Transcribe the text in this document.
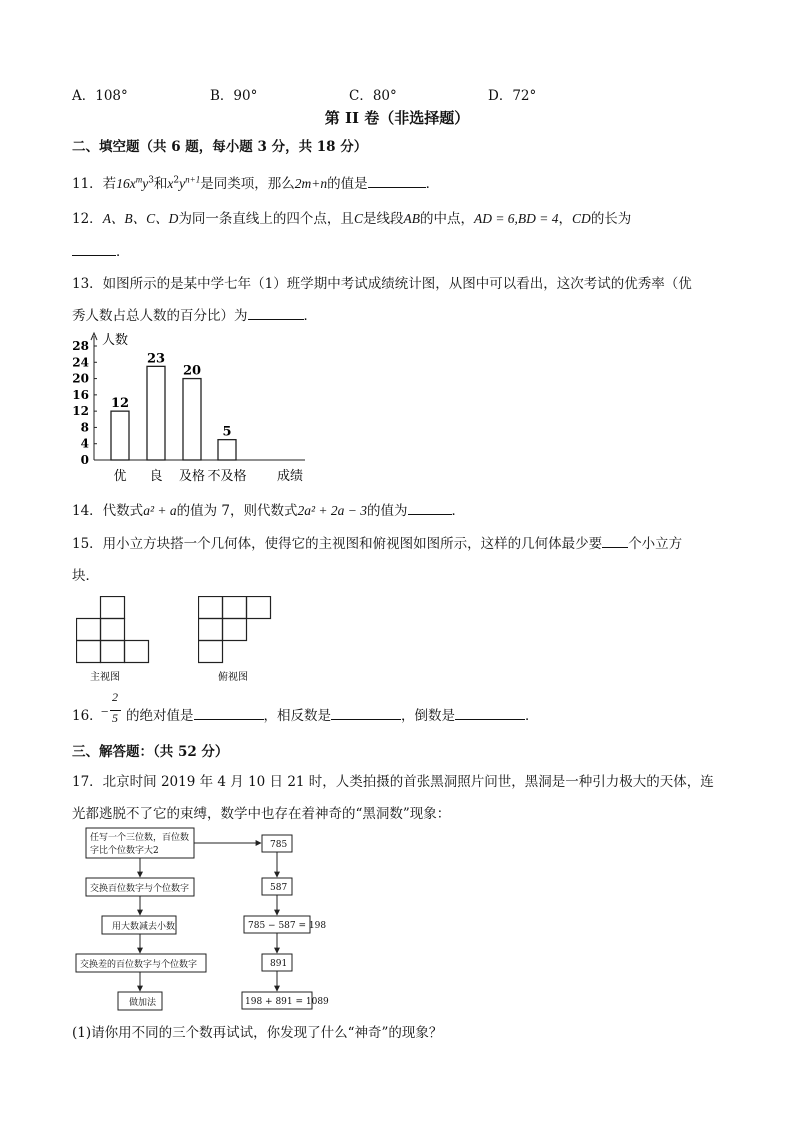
A．108°	B．90°	C．80°	D．72°
第 II 卷（非选择题）
二、填空题（共 6 题，每小题 3 分，共 18 分）
11．若$16x^my^3$和$x^2y^{n+1}$是同类项，那么2m+n的值是	．
12．A、B、C、D为同一条直线上的四个点，且C是线段AB的中点，AD = 6,BD = 4，CD的长为
．
13．如图所示的是某中学七年（1）班学期中考试成绩统计图，从图中可以看出，这次考试的优秀率（优
秀人数占总人数的百分比）为	．
0
4
8
12
16
20
24
28 人数
12
优
23
良
20
及格
5
不及格 成绩
14．代数式a² + a的值为 7，则代数式2a² + 2a − 3的值为	．
15．用小立方块搭一个几何体，使得它的主视图和俯视图如图所示，这样的几何体最少要 个小立方
块．
主视图	俯视图
16．
−
2
5 的绝对值是	，相反数是	，倒数是	．
三、解答题：（共 52 分）
17．北京时间 2019 年 4 月 10 日 21 时，人类拍摄的首张黑洞照片问世，黑洞是一种引力极大的天体，连
光都逃脱不了它的束缚，数学中也存在着神奇的“黑洞数”现象：
任写一个三位数，百位数
字比个位数字大2
交换百位数字与个位数字
用大数减去小数
交换差的百位数字与个位数字
做加法
785
587
785 − 587 = 198
891
198 + 891 = 1089
(1)请你用不同的三个数再试试，你发现了什么“神奇”的现象？
